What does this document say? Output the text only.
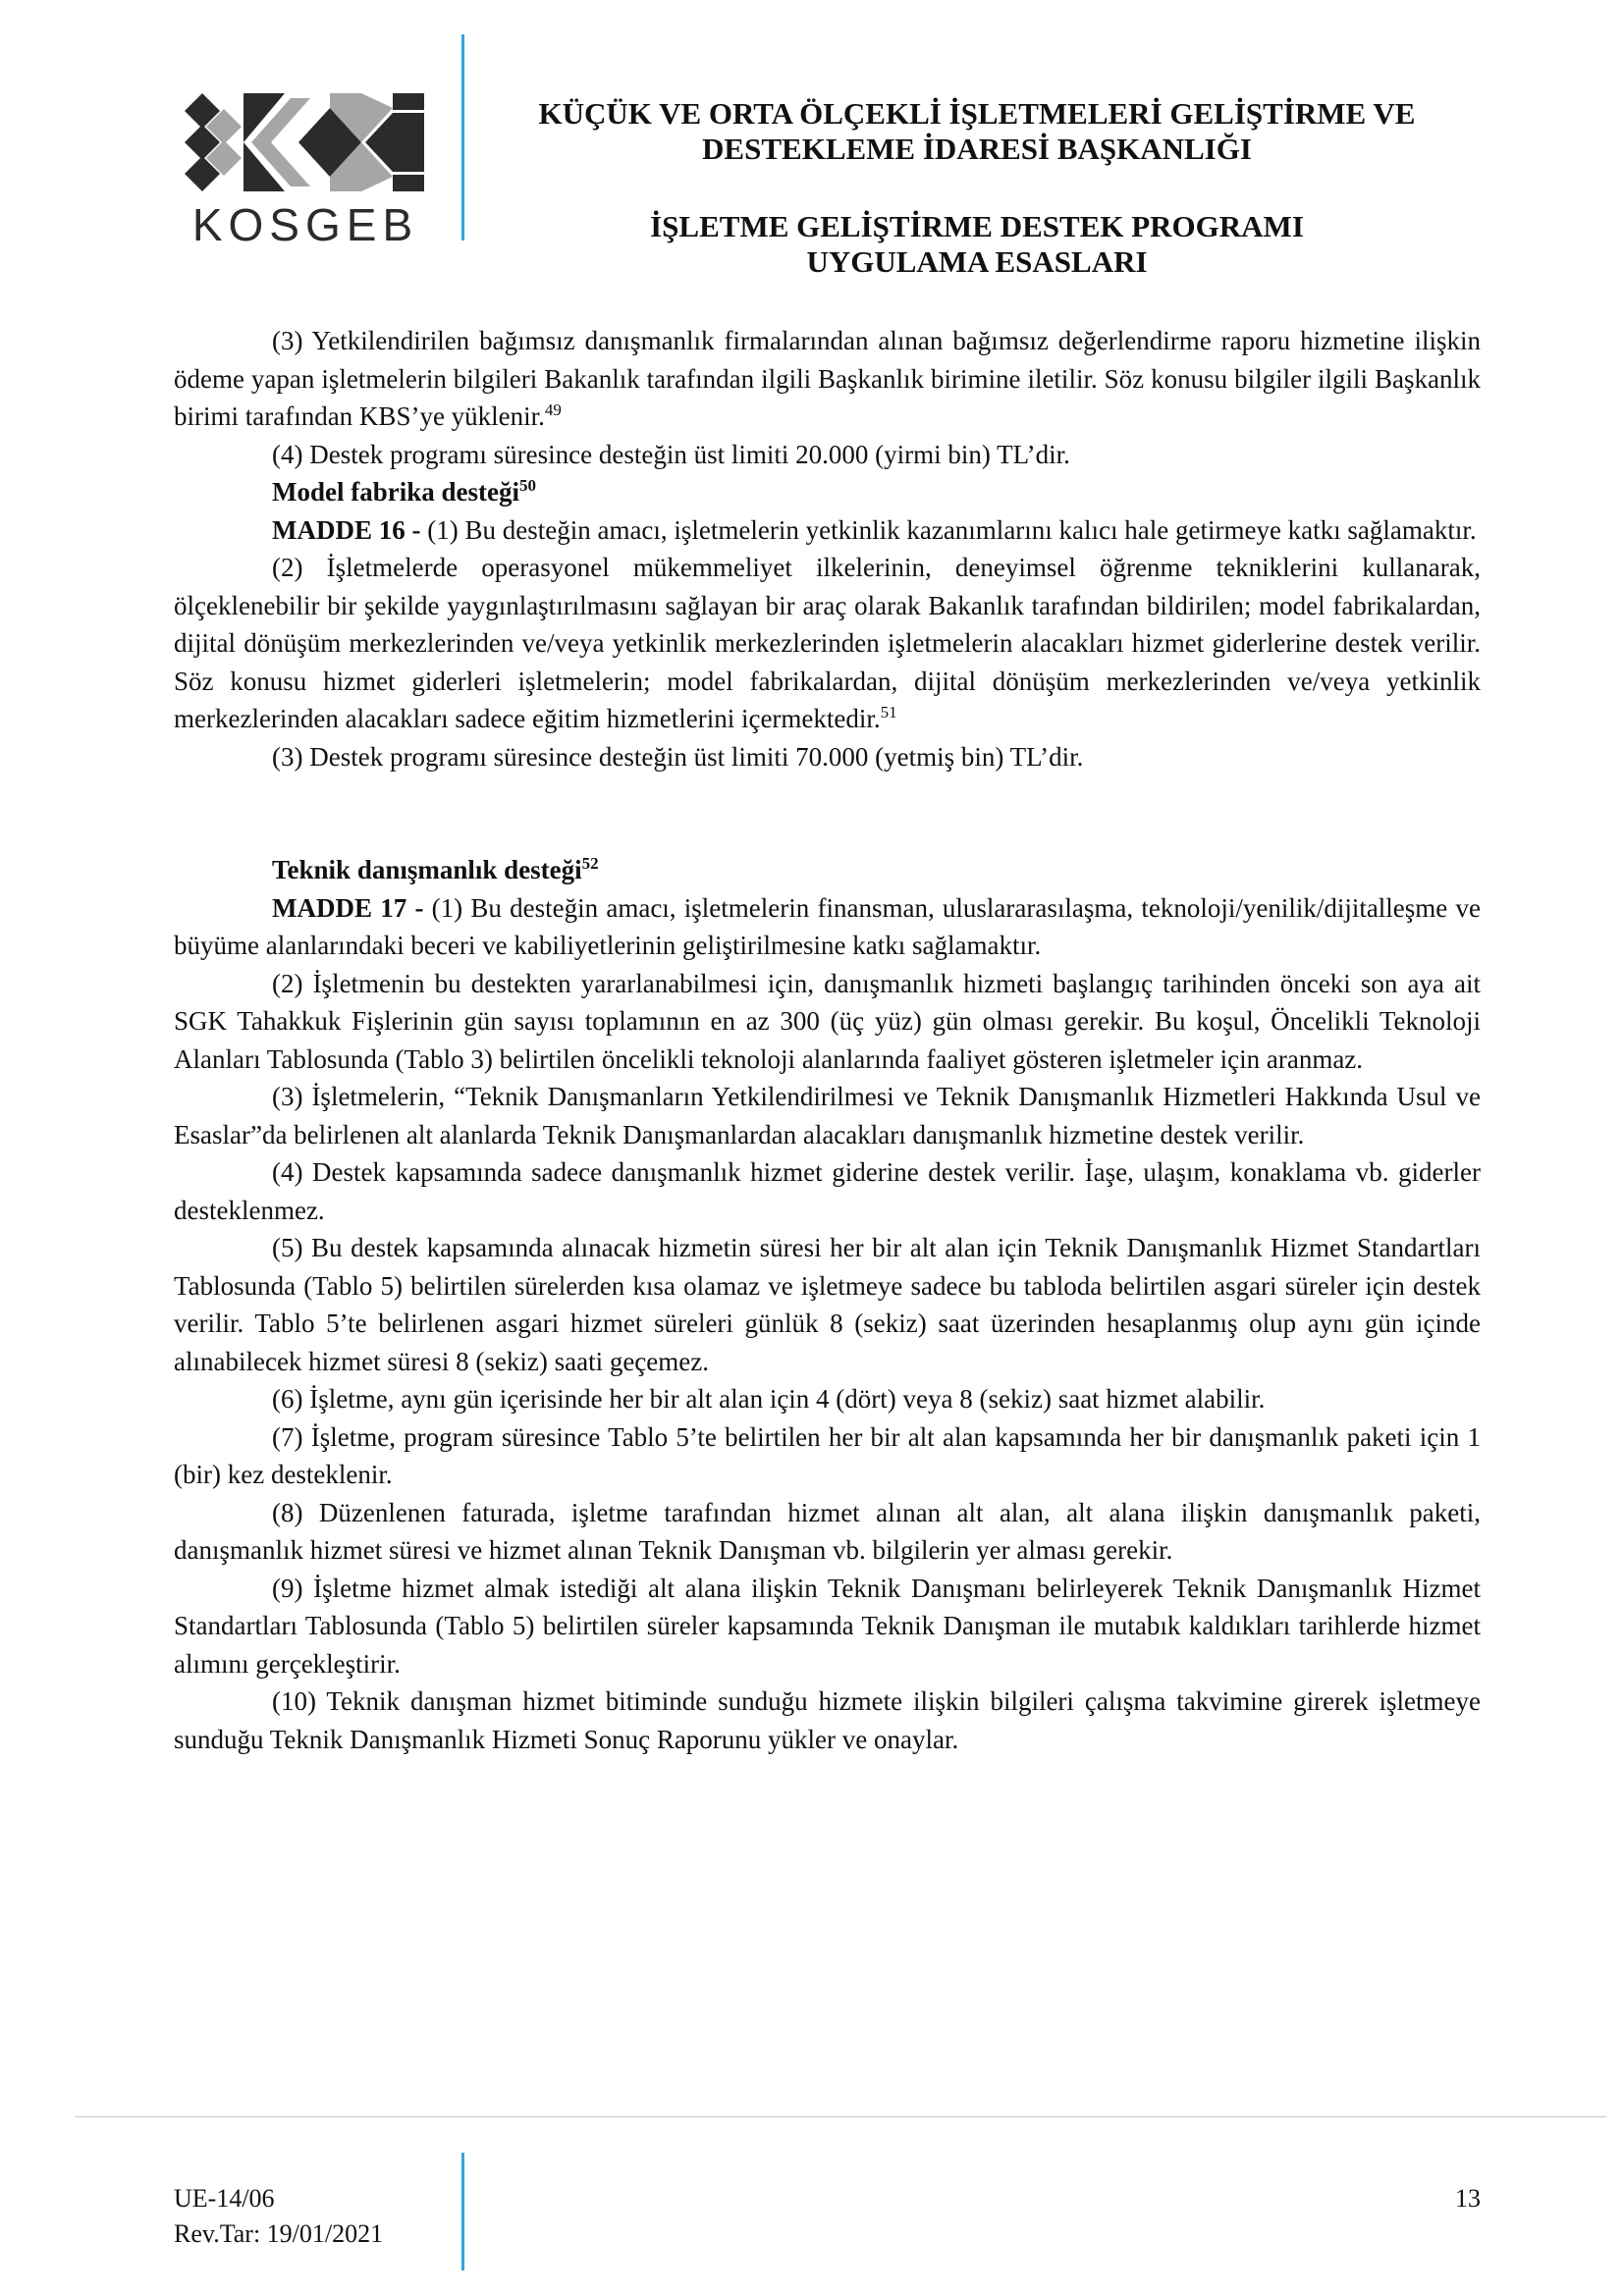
KOSGEB
KÜÇÜK VE ORTA ÖLÇEKLİ İŞLETMELERİ GELİŞTİRME VE
DESTEKLEME İDARESİ BAŞKANLIĞI
İŞLETME GELİŞTİRME DESTEK PROGRAMI
UYGULAMA ESASLARI

(3) Yetkilendirilen bağımsız danışmanlık firmalarından alınan bağımsız değerlendirme raporu hizmetine ilişkin ödeme yapan işletmelerin bilgileri Bakanlık tarafından ilgili Başkanlık birimine iletilir. Söz konusu bilgiler ilgili Başkanlık birimi tarafından KBS’ye yüklenir.$^{49}$

(4) Destek programı süresince desteğin üst limiti 20.000 (yirmi bin) TL’dir.

Model fabrika desteği$^{50}$

MADDE 16 - (1) Bu desteğin amacı, işletmelerin yetkinlik kazanımlarını kalıcı hale getirmeye katkı sağlamaktır.

(2) İşletmelerde operasyonel mükemmeliyet ilkelerinin, deneyimsel öğrenme tekniklerini kullanarak, ölçeklenebilir bir şekilde yaygınlaştırılmasını sağlayan bir araç olarak Bakanlık tarafından bildirilen; model fabrikalardan, dijital dönüşüm merkezlerinden ve/veya yetkinlik merkezlerinden işletmelerin alacakları hizmet giderlerine destek verilir. Söz konusu hizmet giderleri işletmelerin; model fabrikalardan, dijital dönüşüm merkezlerinden ve/veya yetkinlik merkezlerinden alacakları sadece eğitim hizmetlerini içermektedir.$^{51}$

(3) Destek programı süresince desteğin üst limiti 70.000 (yetmiş bin) TL’dir.

Teknik danışmanlık desteği$^{52}$

MADDE 17 - (1) Bu desteğin amacı, işletmelerin finansman, uluslararasılaşma, teknoloji/yenilik/dijitalleşme ve büyüme alanlarındaki beceri ve kabiliyetlerinin geliştirilmesine katkı sağlamaktır.

(2) İşletmenin bu destekten yararlanabilmesi için, danışmanlık hizmeti başlangıç tarihinden önceki son aya ait SGK Tahakkuk Fişlerinin gün sayısı toplamının en az 300 (üç yüz) gün olması gerekir. Bu koşul, Öncelikli Teknoloji Alanları Tablosunda (Tablo 3) belirtilen öncelikli teknoloji alanlarında faaliyet gösteren işletmeler için aranmaz.

(3) İşletmelerin, “Teknik Danışmanların Yetkilendirilmesi ve Teknik Danışmanlık Hizmetleri Hakkında Usul ve Esaslar”da belirlenen alt alanlarda Teknik Danışmanlardan alacakları danışmanlık hizmetine destek verilir.

(4) Destek kapsamında sadece danışmanlık hizmet giderine destek verilir. İaşe, ulaşım, konaklama vb. giderler desteklenmez.

(5) Bu destek kapsamında alınacak hizmetin süresi her bir alt alan için Teknik Danışmanlık Hizmet Standartları Tablosunda (Tablo 5) belirtilen sürelerden kısa olamaz ve işletmeye sadece bu tabloda belirtilen asgari süreler için destek verilir. Tablo 5’te belirlenen asgari hizmet süreleri günlük 8 (sekiz) saat üzerinden hesaplanmış olup aynı gün içinde alınabilecek hizmet süresi 8 (sekiz) saati geçemez.

(6) İşletme, aynı gün içerisinde her bir alt alan için 4 (dört) veya 8 (sekiz) saat hizmet alabilir.

(7) İşletme, program süresince Tablo 5’te belirtilen her bir alt alan kapsamında her bir danışmanlık paketi için 1 (bir) kez desteklenir.

(8) Düzenlenen faturada, işletme tarafından hizmet alınan alt alan, alt alana ilişkin danışmanlık paketi, danışmanlık hizmet süresi ve hizmet alınan Teknik Danışman vb. bilgilerin yer alması gerekir.

(9) İşletme hizmet almak istediği alt alana ilişkin Teknik Danışmanı belirleyerek Teknik Danışmanlık Hizmet Standartları Tablosunda (Tablo 5) belirtilen süreler kapsamında Teknik Danışman ile mutabık kaldıkları tarihlerde hizmet alımını gerçekleştirir.

(10) Teknik danışman hizmet bitiminde sunduğu hizmete ilişkin bilgileri çalışma takvimine girerek işletmeye sunduğu Teknik Danışmanlık Hizmeti Sonuç Raporunu yükler ve onaylar.

UE-14/06
Rev.Tar: 19/01/2021
13
